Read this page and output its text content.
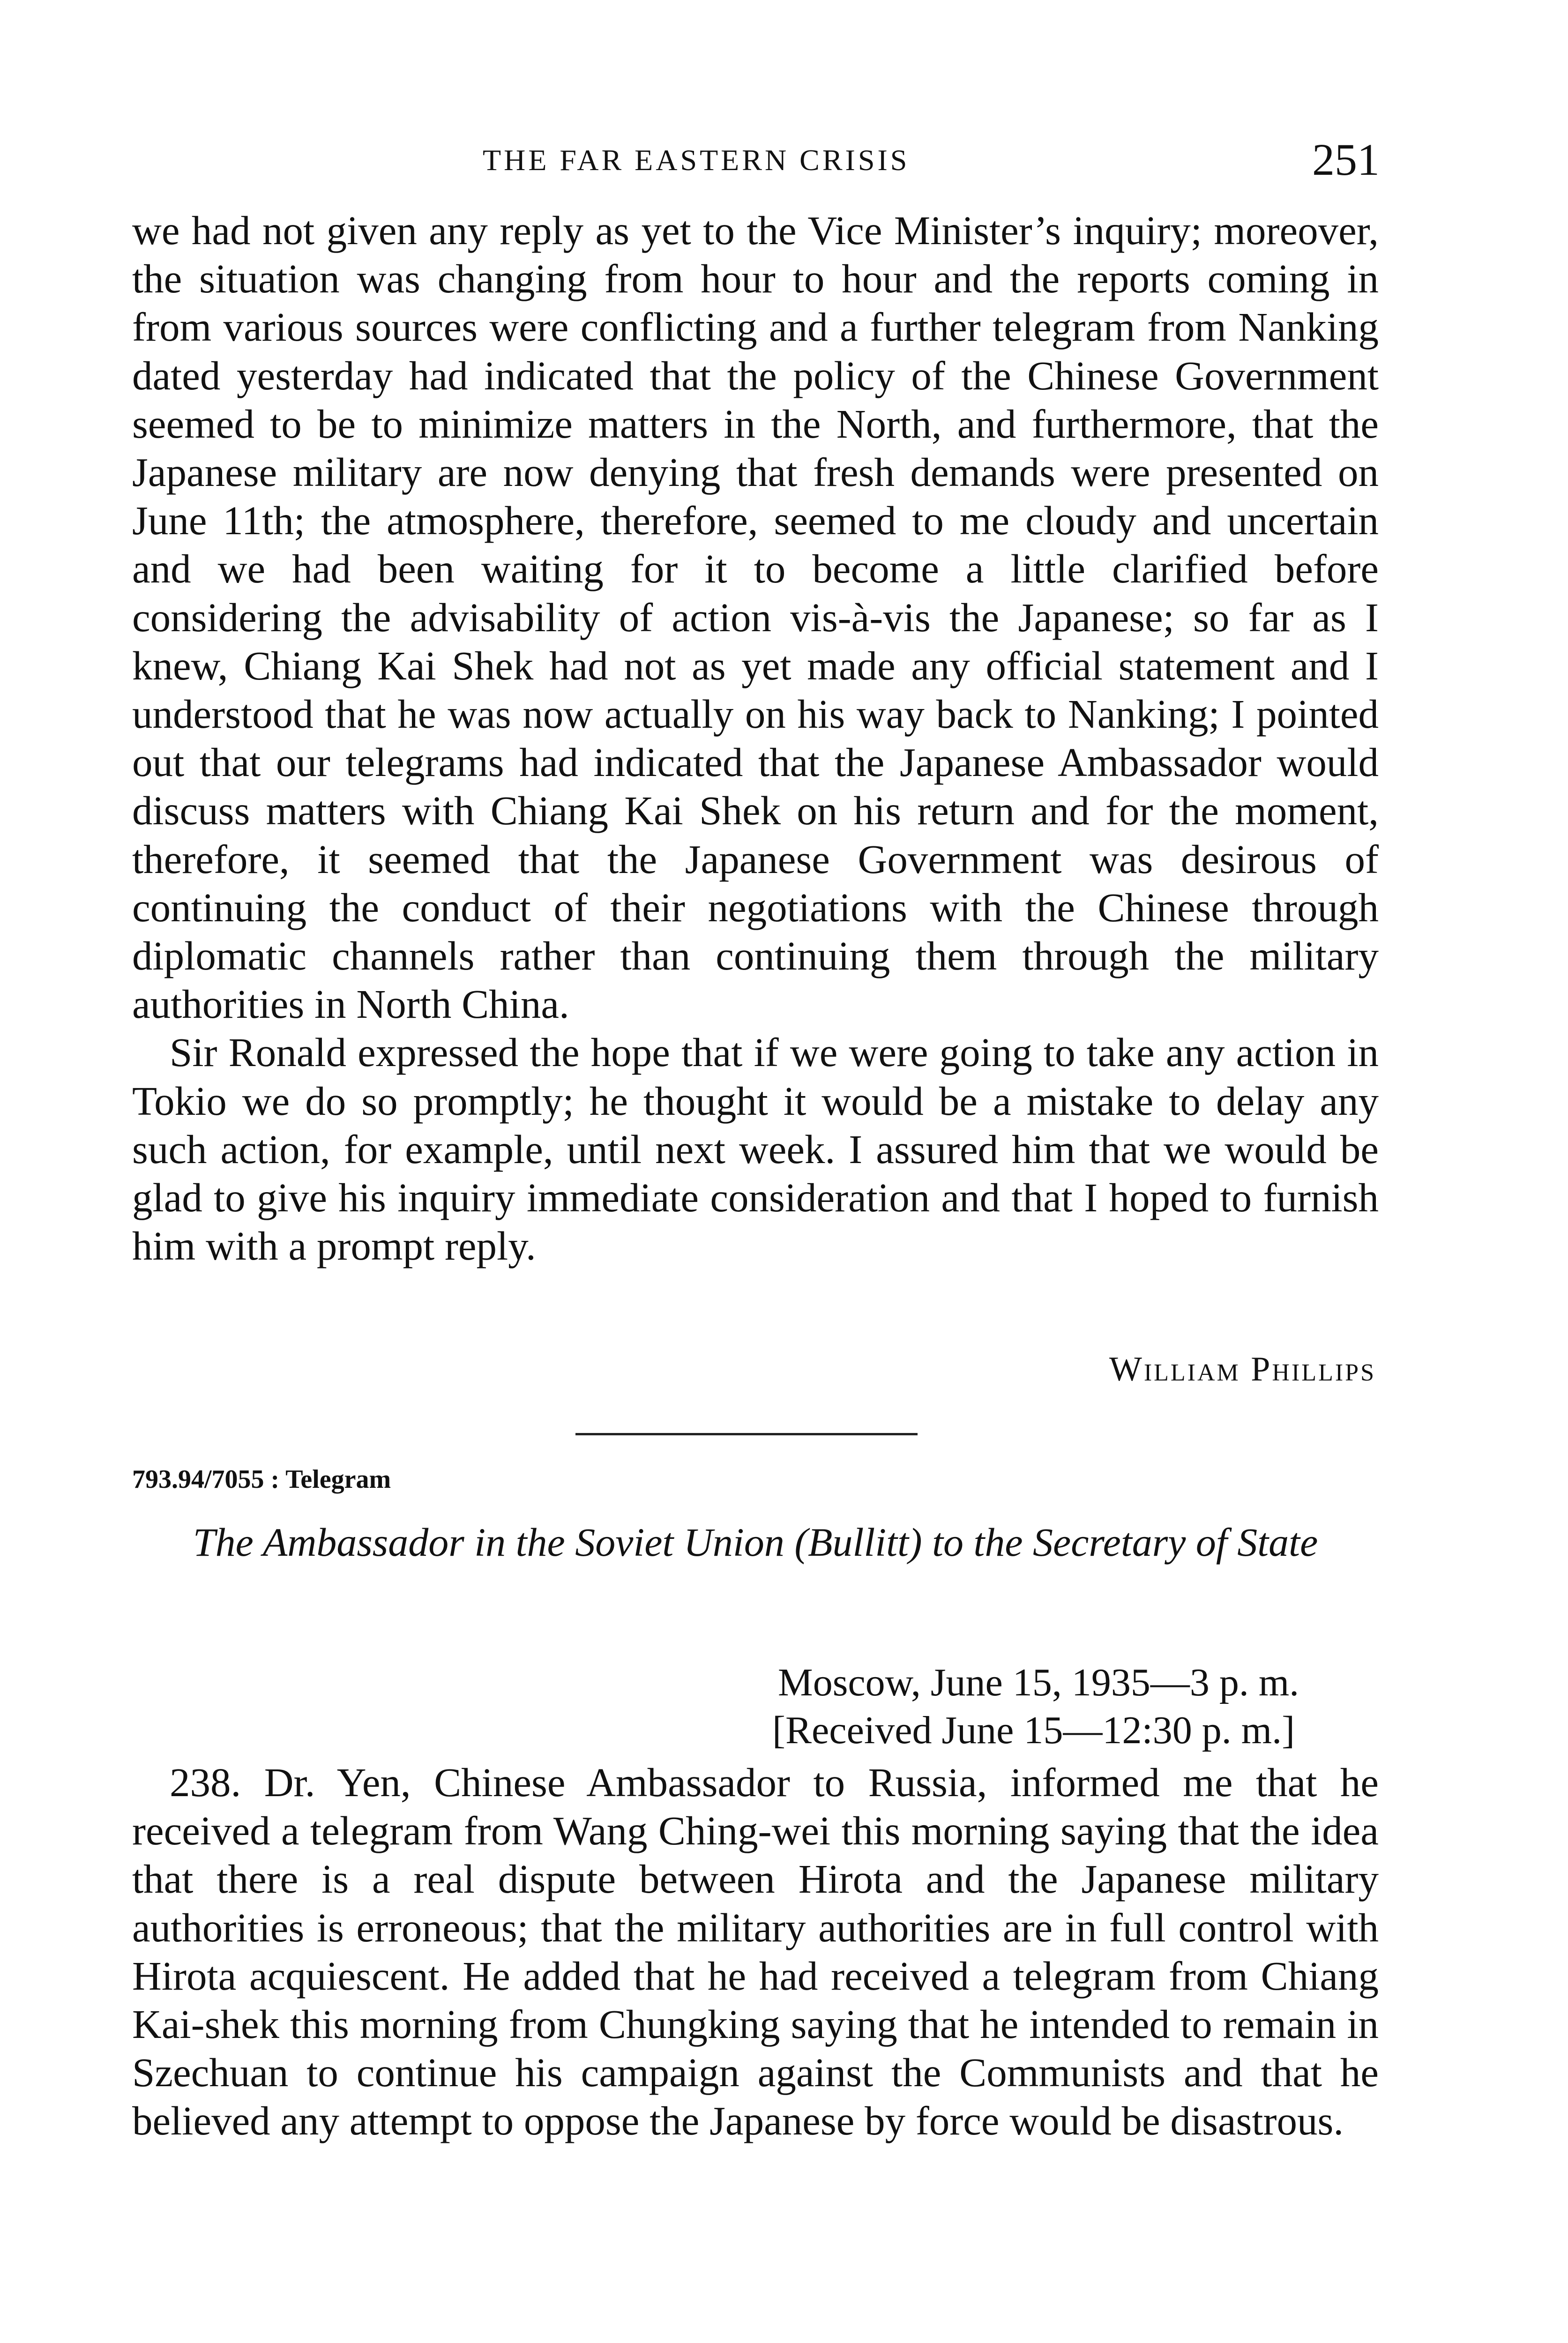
THE FAR EASTERN CRISIS	251

we had not given any reply as yet to the Vice Minister’s inquiry; moreover, the situation was changing from hour to hour and the reports coming in from various sources were conflicting and a further telegram from Nanking dated yesterday had indicated that the policy of the Chinese Government seemed to be to minimize matters in the North, and furthermore, that the Japanese military are now denying that fresh demands were presented on June 11th; the atmosphere, therefore, seemed to me cloudy and uncertain and we had been waiting for it to become a little clarified before considering the advisability of action vis-à-vis the Japanese; so far as I knew, Chiang Kai Shek had not as yet made any official statement and I understood that he was now actually on his way back to Nanking; I pointed out that our telegrams had indicated that the Japanese Ambassador would discuss matters with Chiang Kai Shek on his return and for the moment, therefore, it seemed that the Japanese Government was desirous of continuing the conduct of their negotiations with the Chinese through diplomatic channels rather than continuing them through the military authorities in North China.

Sir Ronald expressed the hope that if we were going to take any action in Tokio we do so promptly; he thought it would be a mistake to delay any such action, for example, until next week. I assured him that we would be glad to give his inquiry immediate consideration and that I hoped to furnish him with a prompt reply.

William Phillips
793.94/7055 : Telegram
The Ambassador in the Soviet Union (Bullitt) to the Secretary of State
Moscow, June 15, 1935—3 p. m.
[Received June 15—12:30 p. m.]

238. Dr. Yen, Chinese Ambassador to Russia, informed me that he received a telegram from Wang Ching-wei this morning saying that the idea that there is a real dispute between Hirota and the Japanese military authorities is erroneous; that the military authorities are in full control with Hirota acquiescent. He added that he had received a telegram from Chiang Kai-shek this morning from Chungking saying that he intended to remain in Szechuan to continue his campaign against the Communists and that he believed any attempt to oppose the Japanese by force would be disastrous.
